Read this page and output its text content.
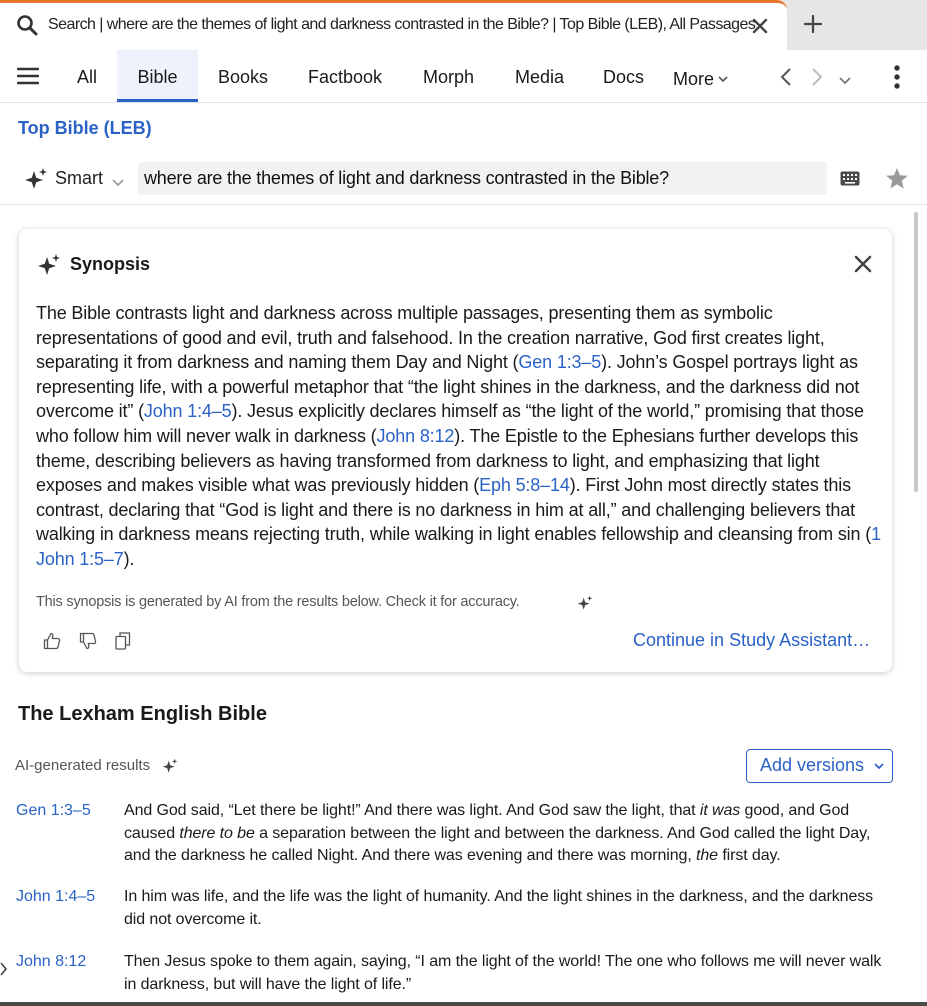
Search | where are the themes of light and darkness contrasted in the Bible? | Top Bible (LEB), All Passages
All	Bible	Books Factbook Morph Media Docs More
Top Bible (LEB)
Smart	where are the themes of light and darkness contrasted in the Bible?
Synopsis
The Bible contrasts light and darkness across multiple passages, presenting them as symbolic representations of good and evil, truth and falsehood. In the creation narrative, God first creates light, separating it from darkness and naming them Day and Night (Gen 1:3–5). John’s Gospel portrays light as representing life, with a powerful metaphor that “the light shines in the darkness, and the darkness did not overcome it” (John 1:4–5). Jesus explicitly declares himself as “the light of the world,” promising that those who follow him will never walk in darkness (John 8:12). The Epistle to the Ephesians further develops this theme, describing believers as having transformed from darkness to light, and emphasizing that light exposes and makes visible what was previously hidden (Eph 5:8–14). First John most directly states this contrast, declaring that “God is light and there is no darkness in him at all,” and challenging believers that walking in darkness means rejecting truth, while walking in light enables fellowship and cleansing from sin (1 John 1:5–7).
This synopsis is generated by AI from the results below. Check it for accuracy.
Continue in Study Assistant…
The Lexham English Bible
AI-generated results	Add versions
Gen 1:3–5 And God said, “Let there be light!” And there was light. And God saw the light, that it was good, and God caused there to be a separation between the light and between the darkness. And God called the light Day, and the darkness he called Night. And there was evening and there was morning, the first day.
John 1:4–5 In him was life, and the life was the light of humanity. And the light shines in the darkness, and the darkness did not overcome it.
John 8:12 Then Jesus spoke to them again, saying, “I am the light of the world! The one who follows me will never walk in darkness, but will have the light of life.”
